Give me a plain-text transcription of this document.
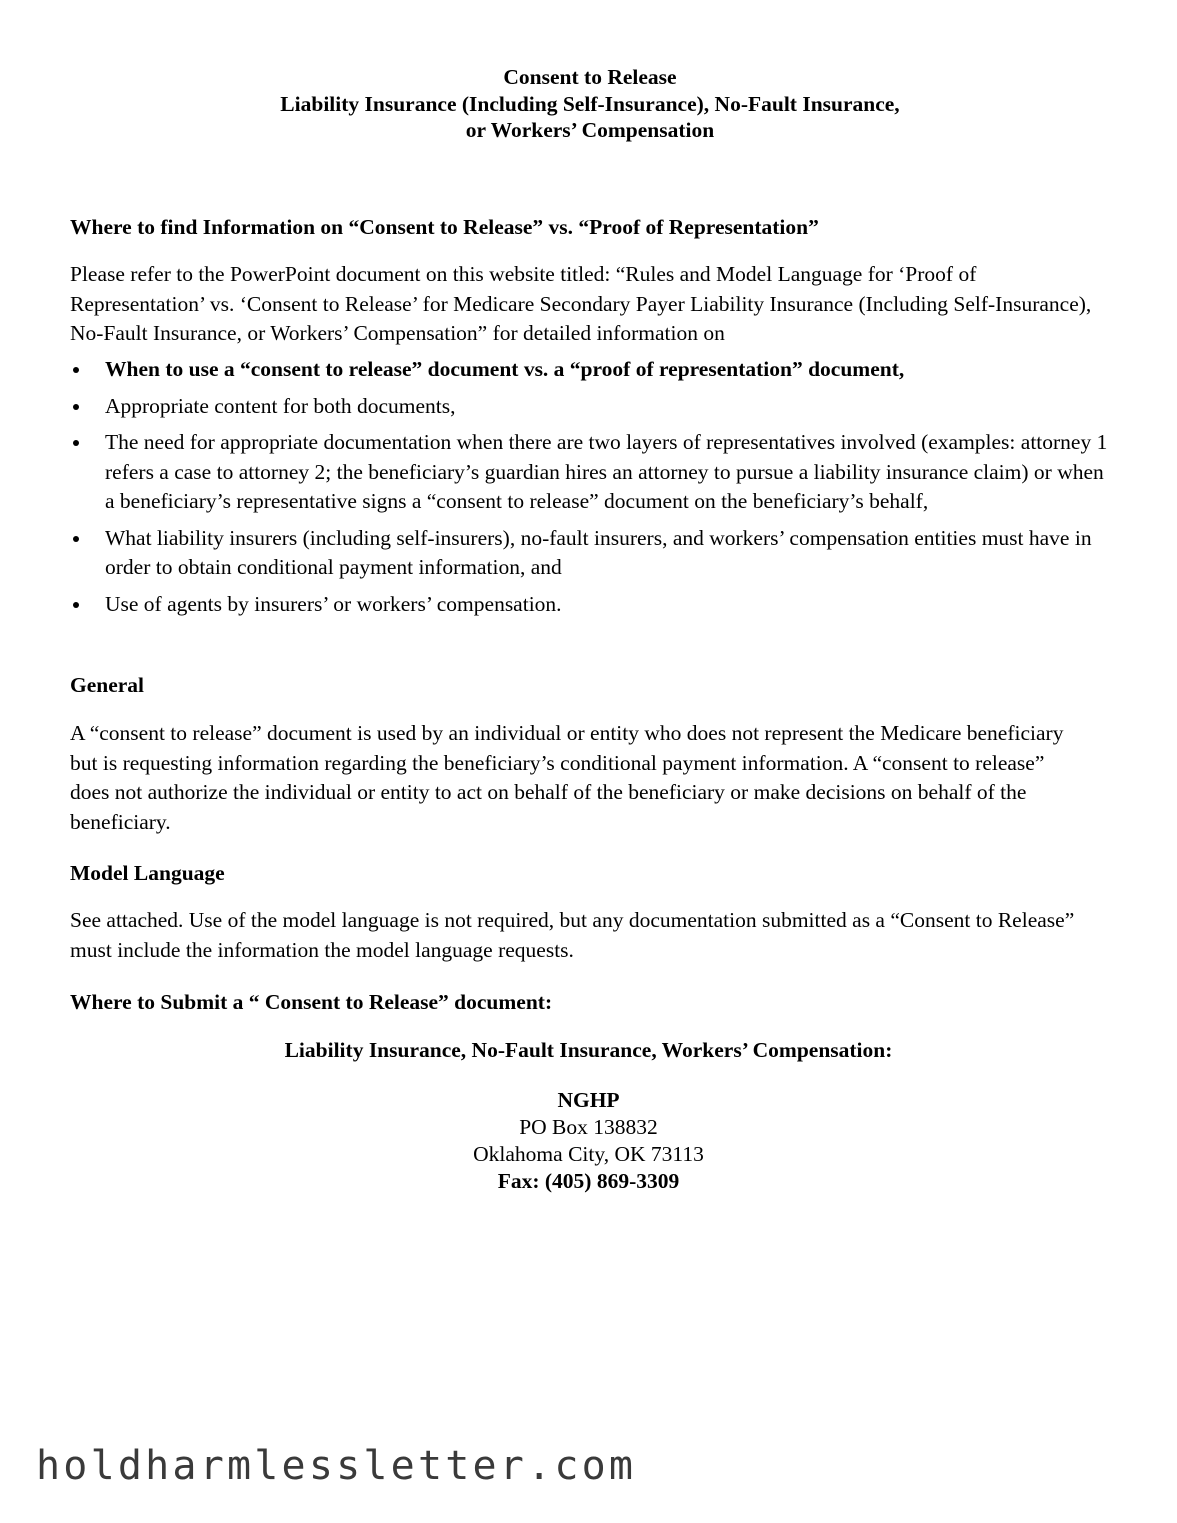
Consent to Release
Liability Insurance (Including Self-Insurance), No-Fault Insurance,
or Workers’ Compensation

Where to find Information on “Consent to Release” vs. “Proof of Representation”

Please refer to the PowerPoint document on this website titled: “Rules and Model Language for ‘Proof of Representation’ vs. ‘Consent to Release’ for Medicare Secondary Payer Liability Insurance (Including Self-Insurance), No-Fault Insurance, or Workers’ Compensation” for detailed information on

When to use a “consent to release” document vs. a “proof of representation” document,
Appropriate content for both documents,
The need for appropriate documentation when there are two layers of representatives involved (examples: attorney 1 refers a case to attorney 2; the beneficiary’s guardian hires an attorney to pursue a liability insurance claim) or when a beneficiary’s representative signs a “consent to release” document on the beneficiary’s behalf,
What liability insurers (including self-insurers), no-fault insurers, and workers’ compensation entities must have in order to obtain conditional payment information, and
Use of agents by insurers’ or workers’ compensation.

General

A “consent to release” document is used by an individual or entity who does not represent the Medicare beneficiary but is requesting information regarding the beneficiary’s conditional payment information. A “consent to release” does not authorize the individual or entity to act on behalf of the beneficiary or make decisions on behalf of the beneficiary.

Model Language

See attached. Use of the model language is not required, but any documentation submitted as a “Consent to Release” must include the information the model language requests.

Where to Submit a “ Consent to Release” document:

Liability Insurance, No-Fault Insurance, Workers’ Compensation:
NGHP
PO Box 138832
Oklahoma City, OK 73113
Fax: (405) 869-3309
holdharmlessletter.com
